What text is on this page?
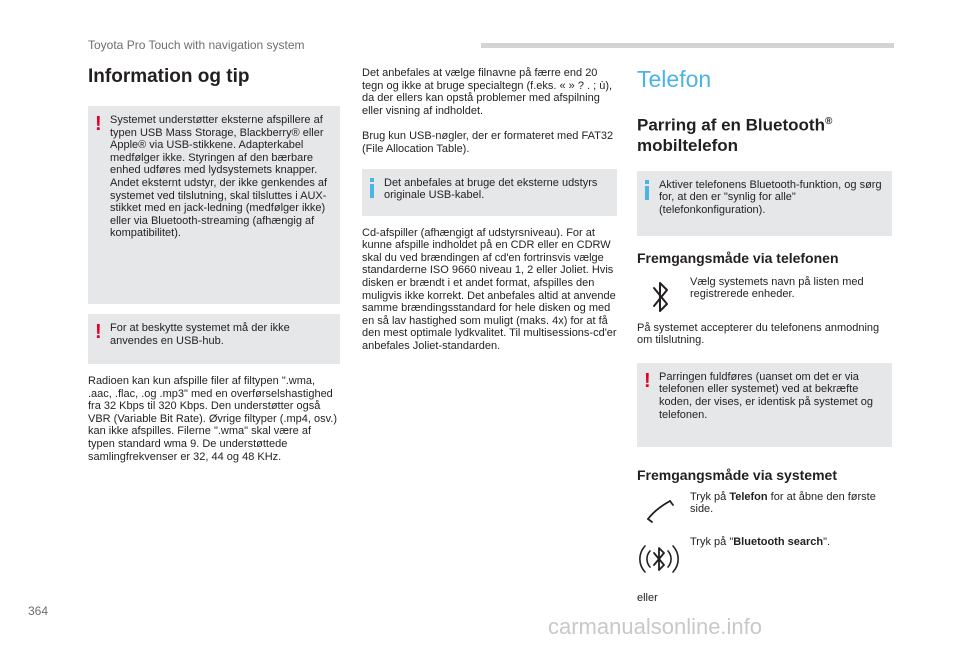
Toyota Pro Touch with navigation system
Information og tip
! Systemet understøtter eksterne afspillere af typen USB Mass Storage, Blackberry® eller Apple® via USB-stikkene. Adapterkabel medfølger ikke. Styringen af den bærbare enhed udføres med lydsystemets knapper. Andet eksternt udstyr, der ikke genkendes af systemet ved tilslutning, skal tilsluttes i AUX-stikket med en jack-ledning (medfølger ikke) eller via Bluetooth-streaming (afhængig af kompatibilitet).
! For at beskytte systemet må der ikke anvendes en USB-hub.

Radioen kan kun afspille filer af filtypen ".wma, .aac, .flac, .og .mp3" med en overførselshastighed fra 32 Kbps til 320 Kbps. Den understøtter også VBR (Variable Bit Rate). Øvrige filtyper (.mp4, osv.) kan ikke afspilles. Filerne ".wma" skal være af typen standard wma 9. De understøttede samlingfrekvenser er 32, 44 og 48 KHz.

Det anbefales at vælge filnavne på færre end 20 tegn og ikke at bruge specialtegn (f.eks. « » ? . ; ù), da der ellers kan opstå problemer med afspilning eller visning af indholdet.

Brug kun USB-nøgler, der er formateret med FAT32 (File Allocation Table).

Det anbefales at bruge det eksterne udstyrs originale USB-kabel.

Cd-afspiller (afhængigt af udstyrsniveau). For at kunne afspille indholdet på en CDR eller en CDRW skal du ved brændingen af cd'en fortrinsvis vælge standarderne ISO 9660 niveau 1, 2 eller Joliet. Hvis disken er brændt i et andet format, afspilles den muligvis ikke korrekt. Det anbefales altid at anvende samme brændingsstandard for hele disken og med en så lav hastighed som muligt (maks. 4x) for at få den mest optimale lydkvalitet. Til multisessions-cd'er anbefales Joliet-standarden.

Telefon
Parring af en Bluetooth®
mobiltelefon
Aktiver telefonens Bluetooth-funktion, og sørg for, at den er "synlig for alle" (telefonkonfiguration).
Fremgangsmåde via telefonen

Vælg systemets navn på listen med registrerede enheder.

På systemet accepterer du telefonens anmodning om tilslutning.

! Parringen fuldføres (uanset om det er via telefonen eller systemet) ved at bekræfte koden, der vises, er identisk på systemet og telefonen.
Fremgangsmåde via systemet

Tryk på Telefon for at åbne den første side.

Tryk på "Bluetooth search".

eller

364
carmanualsonline.info
